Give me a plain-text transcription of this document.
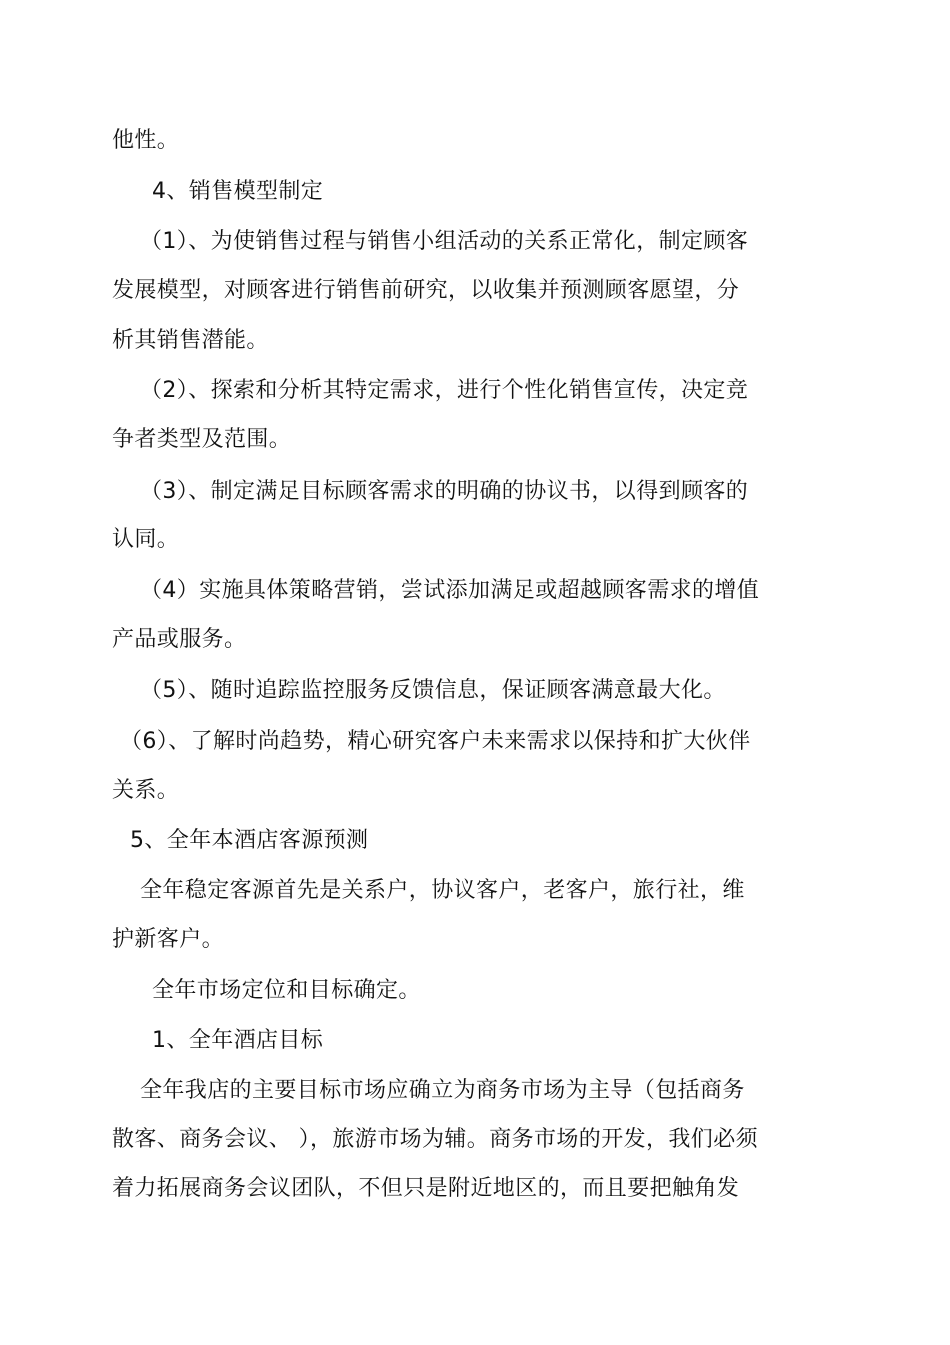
他性。
4、销售模型制定
（1）、为使销售过程与销售小组活动的关系正常化，制定顾客
发展模型，对顾客进行销售前研究，以收集并预测顾客愿望，分
析其销售潜能。
（2）、探索和分析其特定需求，进行个性化销售宣传，决定竞
争者类型及范围。
（3）、制定满足目标顾客需求的明确的协议书，以得到顾客的
认同。
（4）实施具体策略营销，尝试添加满足或超越顾客需求的增值
产品或服务。
（5）、随时追踪监控服务反馈信息，保证顾客满意最大化。
（6）、了解时尚趋势，精心研究客户未来需求以保持和扩大伙伴
关系。
5、全年本酒店客源预测
全年稳定客源首先是关系户，协议客户，老客户，旅行社，维
护新客户。
全年市场定位和目标确定。
1、全年酒店目标
全年我店的主要目标市场应确立为商务市场为主导（包括商务
散客、商务会议、 ），旅游市场为辅。商务市场的开发，我们必须
着力拓展商务会议团队，不但只是附近地区的，而且要把触角发
